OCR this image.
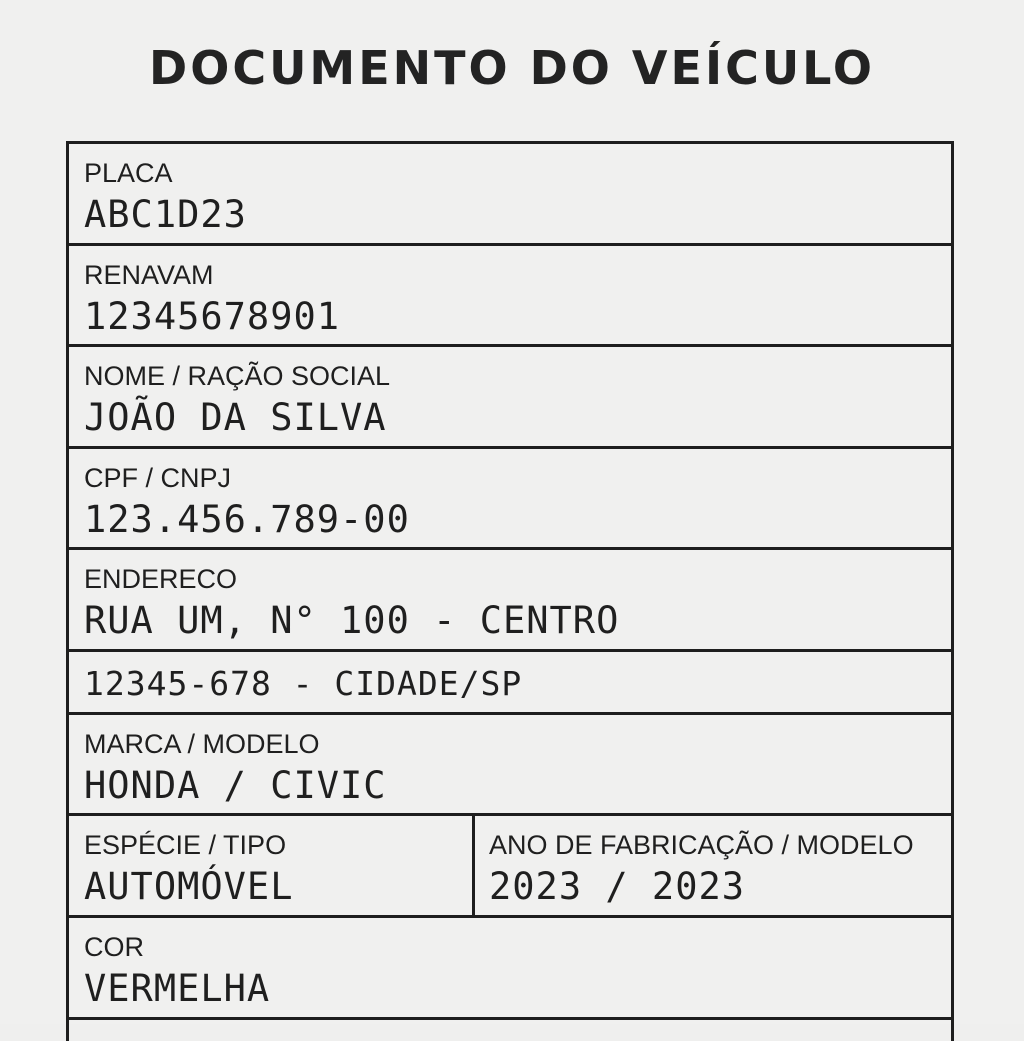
DOCUMENTO DO VEÍCULO
PLACA
ABC1D23
RENAVAM
12345678901
NOME / RAÇÃO SOCIAL
JOÃO DA SILVA
CPF / CNPJ
123.456.789-00
ENDERECO
RUA UM, N° 100 - CENTRO
12345-678 - CIDADE/SP
MARCA / MODELO
HONDA / CIVIC
ESPÉCIE / TIPO
AUTOMÓVEL
ANO DE FABRICAÇÃO / MODELO
2023 / 2023
COR
VERMELHA
